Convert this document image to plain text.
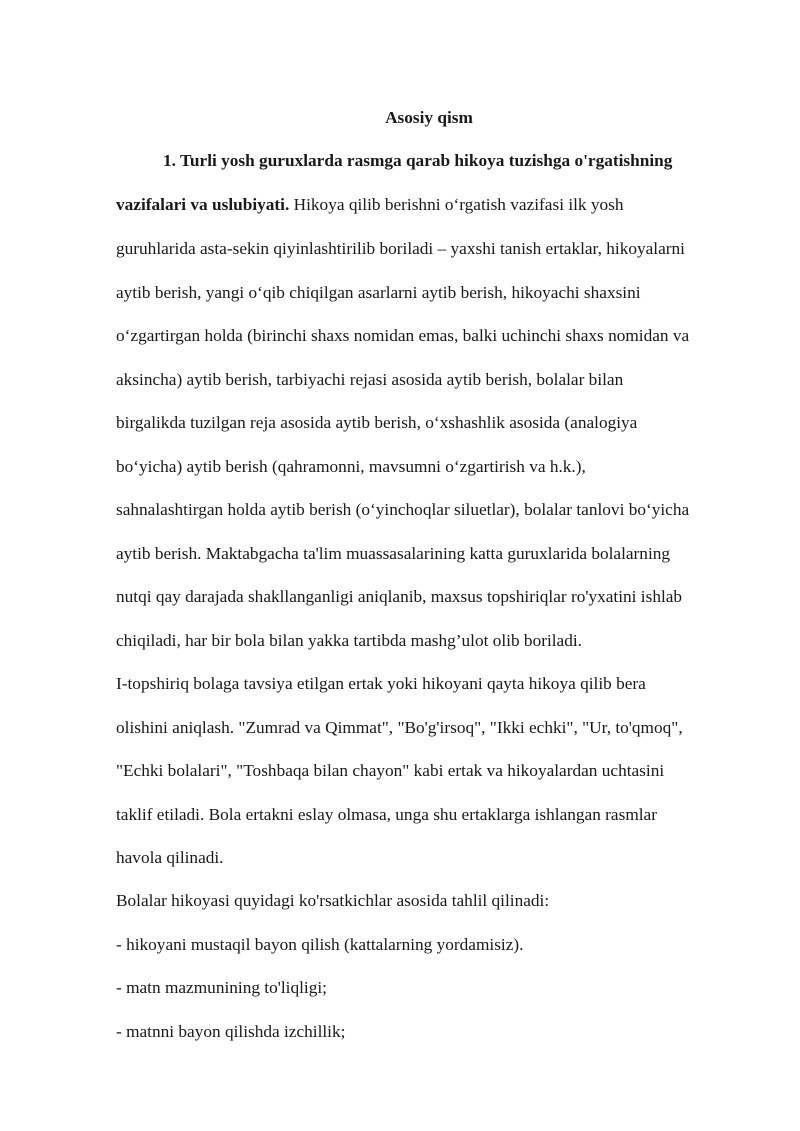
Asosiy qism
1. Turli yosh guruxlarda rasmga qarab hikoya tuzishga o'rgatishning
vazifalari va uslubiyati. Hikoya qilib berishni o‘rgatish vazifasi ilk yosh
guruhlarida asta-sekin qiyinlashtirilib boriladi – yaxshi tanish ertaklar, hikoyalarni
aytib berish, yangi o‘qib chiqilgan asarlarni aytib berish, hikoyachi shaxsini
o‘zgartirgan holda (birinchi shaxs nomidan emas, balki uchinchi shaxs nomidan va
aksincha) aytib berish, tarbiyachi rejasi asosida aytib berish, bolalar bilan
birgalikda tuzilgan reja asosida aytib berish, o‘xshashlik asosida (analogiya
bo‘yicha) aytib berish (qahramonni, mavsumni o‘zgartirish va h.k.),
sahnalashtirgan holda aytib berish (o‘yinchoqlar siluetlar), bolalar tanlovi bo‘yicha
aytib berish. Maktabgacha ta'lim muassasalarining katta guruxlarida bolalarning
nutqi qay darajada shakllanganligi aniqlanib, maxsus topshiriqlar ro'yxatini ishlab
chiqiladi, har bir bola bilan yakka tartibda mashg’ulot olib boriladi.
I-topshiriq bolaga tavsiya etilgan ertak yoki hikoyani qayta hikoya qilib bera
olishini aniqlash. "Zumrad va Qimmat", "Bo'g'irsoq", "Ikki echki", "Ur, to'qmoq",
"Echki bolalari", "Toshbaqa bilan chayon" kabi ertak va hikoyalardan uchtasini
taklif etiladi. Bola ertakni eslay olmasa, unga shu ertaklarga ishlangan rasmlar
havola qilinadi.
Bolalar hikoyasi quyidagi ko'rsatkichlar asosida tahlil qilinadi:
- hikoyani mustaqil bayon qilish (kattalarning yordamisiz).
- matn mazmunining to'liqligi;
- matnni bayon qilishda izchillik;
